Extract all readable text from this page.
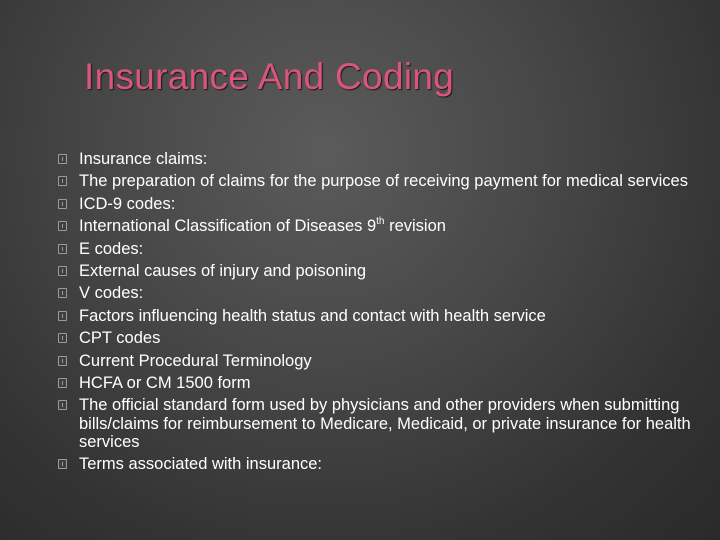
Insurance And Coding
Insurance claims:
The preparation of claims for the purpose of receiving payment for medical services
ICD-9 codes:
International Classification of Diseases 9th revision
E codes:
External causes of injury and poisoning
V codes:
Factors influencing health status and contact with health service
CPT codes
Current Procedural Terminology
HCFA or CM 1500 form
The official standard form used by physicians and other providers when submitting bills/claims for reimbursement to Medicare, Medicaid, or private insurance for health services
Terms associated with insurance:
